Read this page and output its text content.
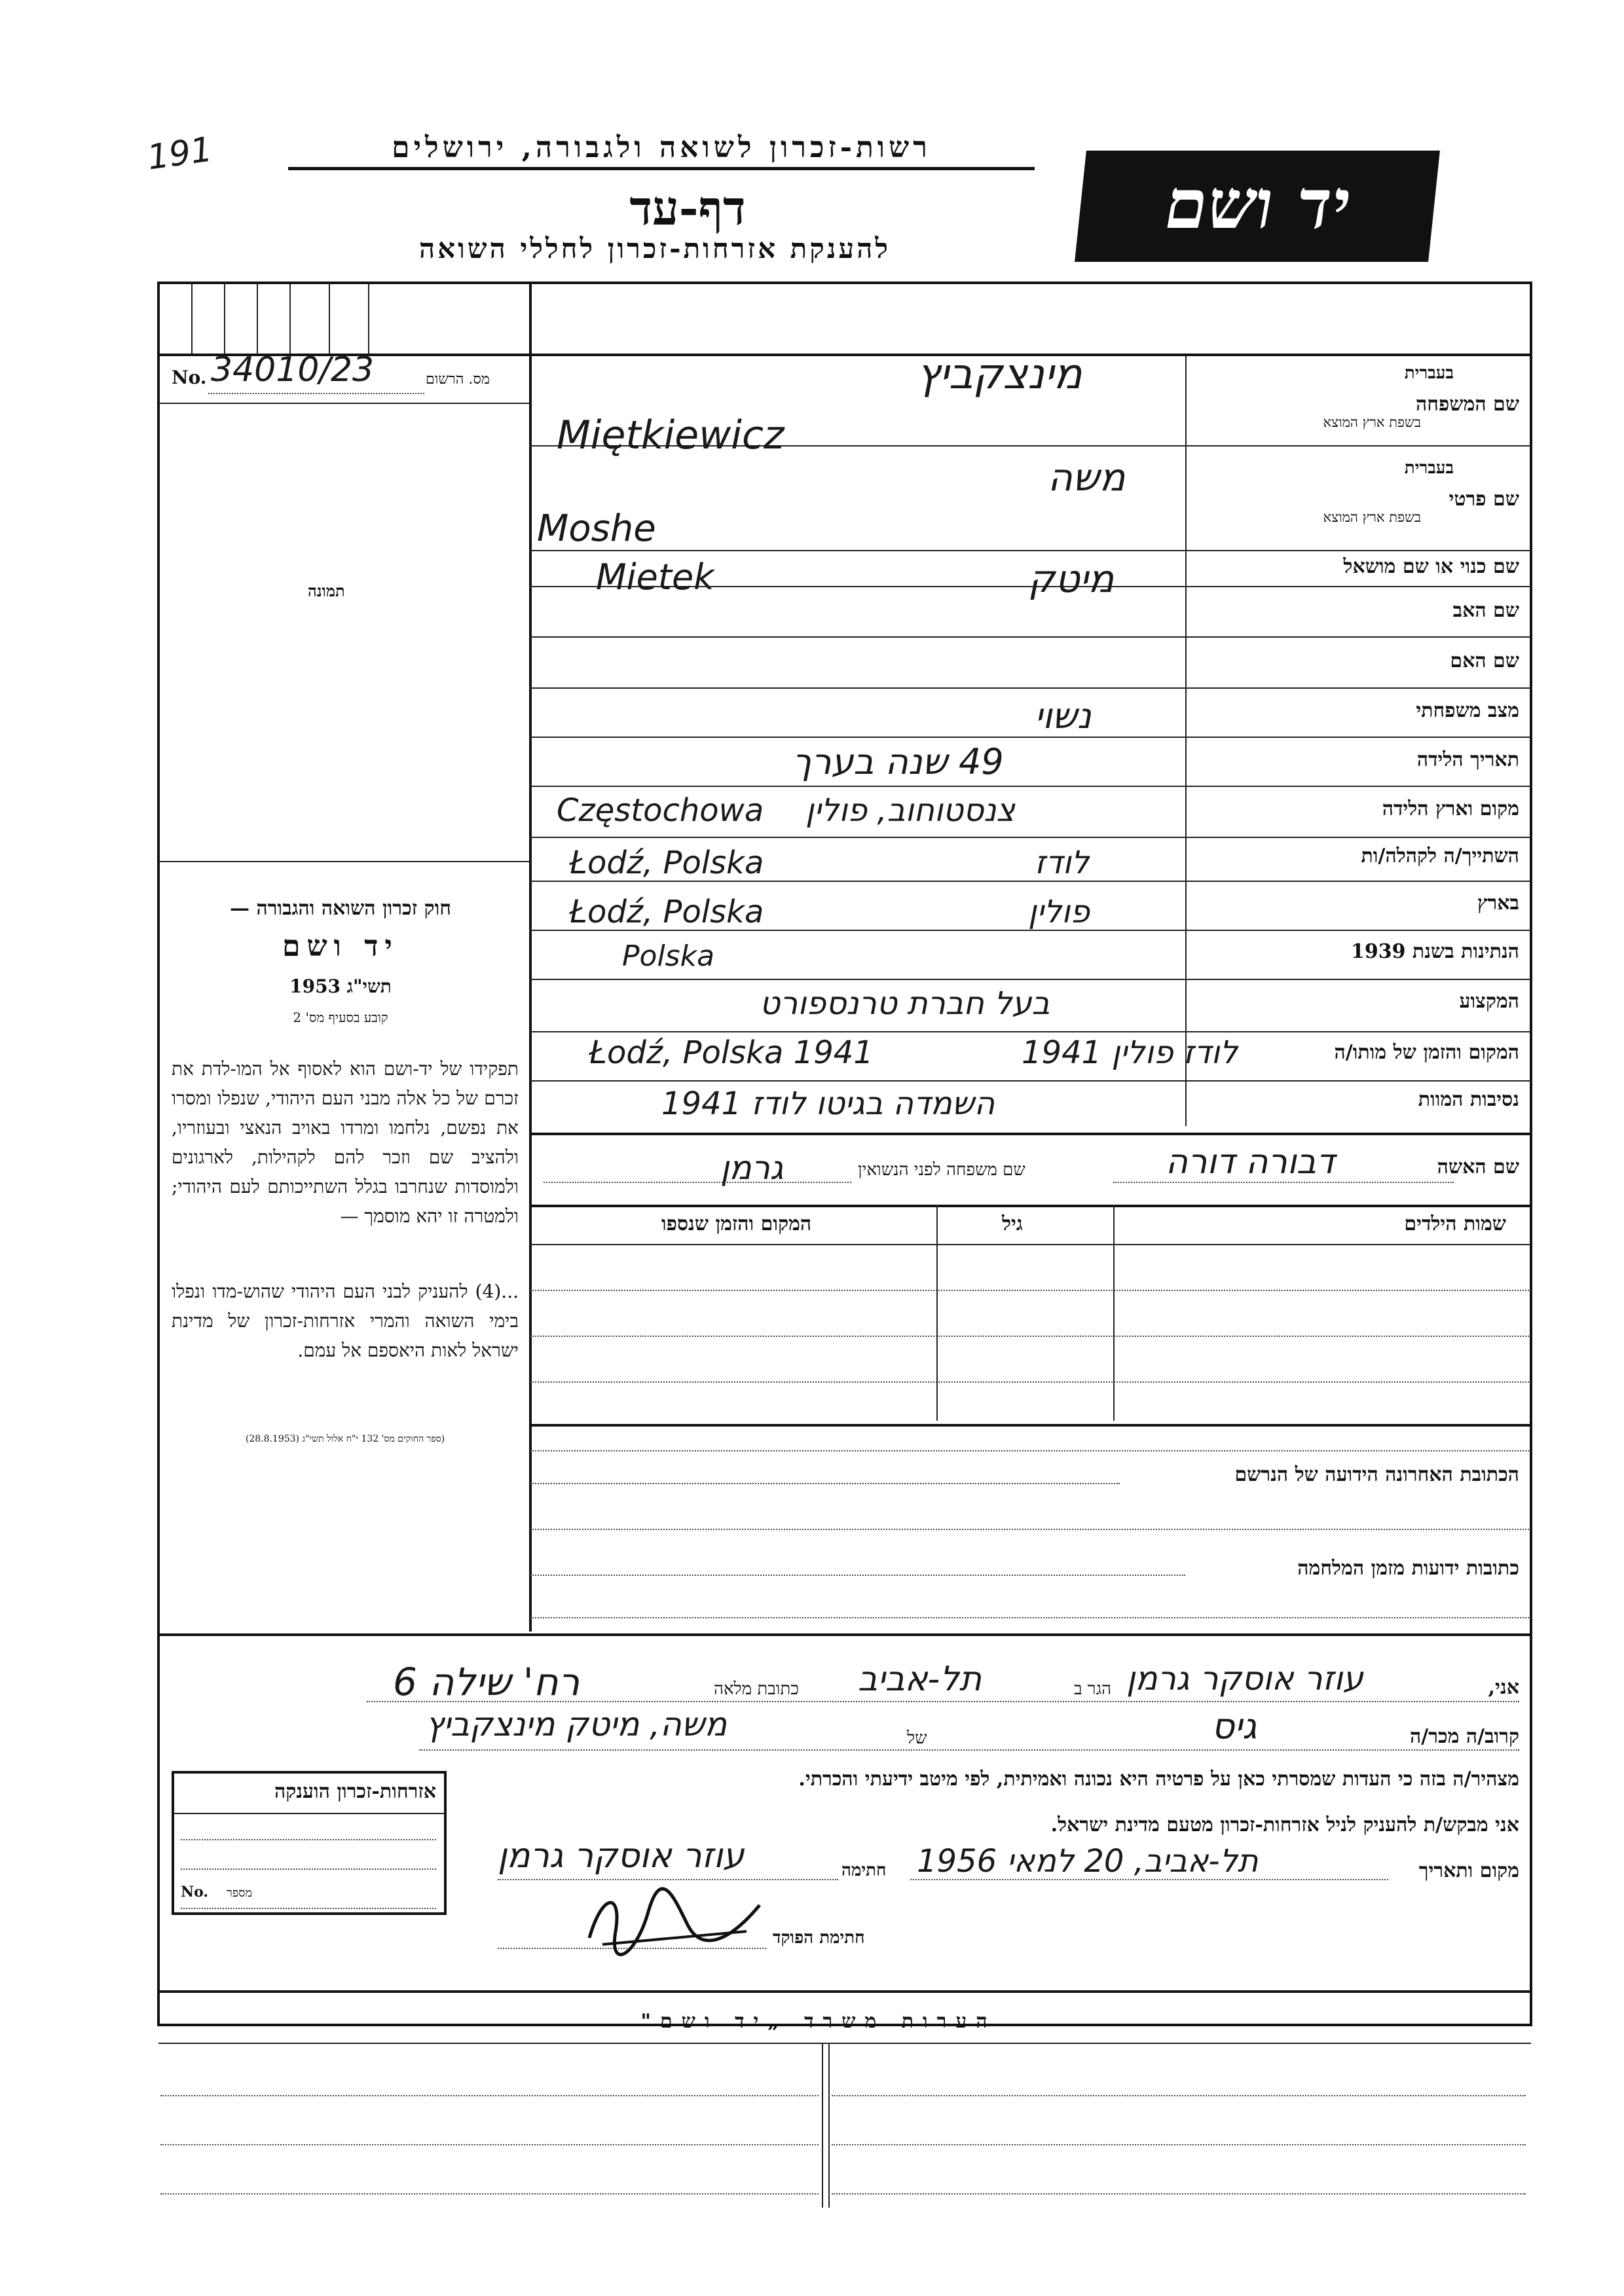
191	רשות-זכרון לשואה ולגבורה, ירושלים
דף-עד
להענקת אזרחות-זכרון לחללי השואה
יד ושם
No. 34010/23	מס. הרשום
תמונה
חוק זכרון השואה והגבורה —
יד ושם
תשי"ג 1953
קובע בסעיף מס' 2
תפקידו של יד-ושם הוא לאסוף אל המו-לדת את זכרם של כל אלה מבני העם היהודי, שנפלו ומסרו את נפשם, נלחמו ומרדו באויב הנאצי ובעוזריו, ולהציב שם וזכר להם לקהילות, לארגונים ולמוסדות שנחרבו בגלל השתייכותם לעם היהודי; ולמטרה זו יהא מוסמך —
...(4) להעניק לבני העם היהודי שהוש-מדו ונפלו בימי השואה והמרי אזרחות-זכרון של מדינת ישראל לאות היאספם אל עמם.
(ספר החוקים מס' 132 י"ח אלול תשי"ג (28.8.1953)
שם המשפחה
בעברית
בשפת ארץ המוצא
שם פרטי
בעברית
בשפת ארץ המוצא
שם כנוי או שם מושאל
שם האב
שם האם
מצב משפחתי
תאריך הלידה
מקום וארץ הלידה
השתייך/ה לקהלה/ות
בארץ
הנתינות בשנת 1939
המקצוע
המקום והזמן של מותו/ה
נסיבות המוות
מינצקביץ
Miętkiewicz
משה
Moshe
מיטק
Mietek
נשוי
49 שנה בערך
צנסטוחוב, פולין
Częstochowa
לודז
Łodź, Polska
פולין
Łodź, Polska
Polska
בעל חברת טרנספורט
לודז פולין 1941
Łodź, Polska 1941
השמדה בגיטו לודז 1941
שם האשה
דבורה דורה
שם משפחה לפני הנשואין
גרמן
שמות הילדים
גיל
המקום והזמן שנספו
הכתובת האחרונה הידועה של הנרשם
כתובות ידועות מזמן המלחמה
אני,
עוזר אוסקר גרמן
הגר ב
תל-אביב
כתובת מלאה
רח' שילה 6
קרוב/ה מכר/ה
גיס
של
משה, מיטק מינצקביץ
מצהיר/ה בזה כי העדות שמסרתי כאן על פרטיה היא נכונה ואמיתית, לפי מיטב ידיעתי והכרתי.
אני מבקש/ת להעניק לניל אזרחות-זכרון מטעם מדינת ישראל.
מקום ותאריך
תל-אביב, 20 למאי 1956
חתימה
עוזר אוסקר גרמן
חתימת הפוקד
אזרחות-זכרון הוענקה
No. מספר
הערות משרד „יד ושם"
